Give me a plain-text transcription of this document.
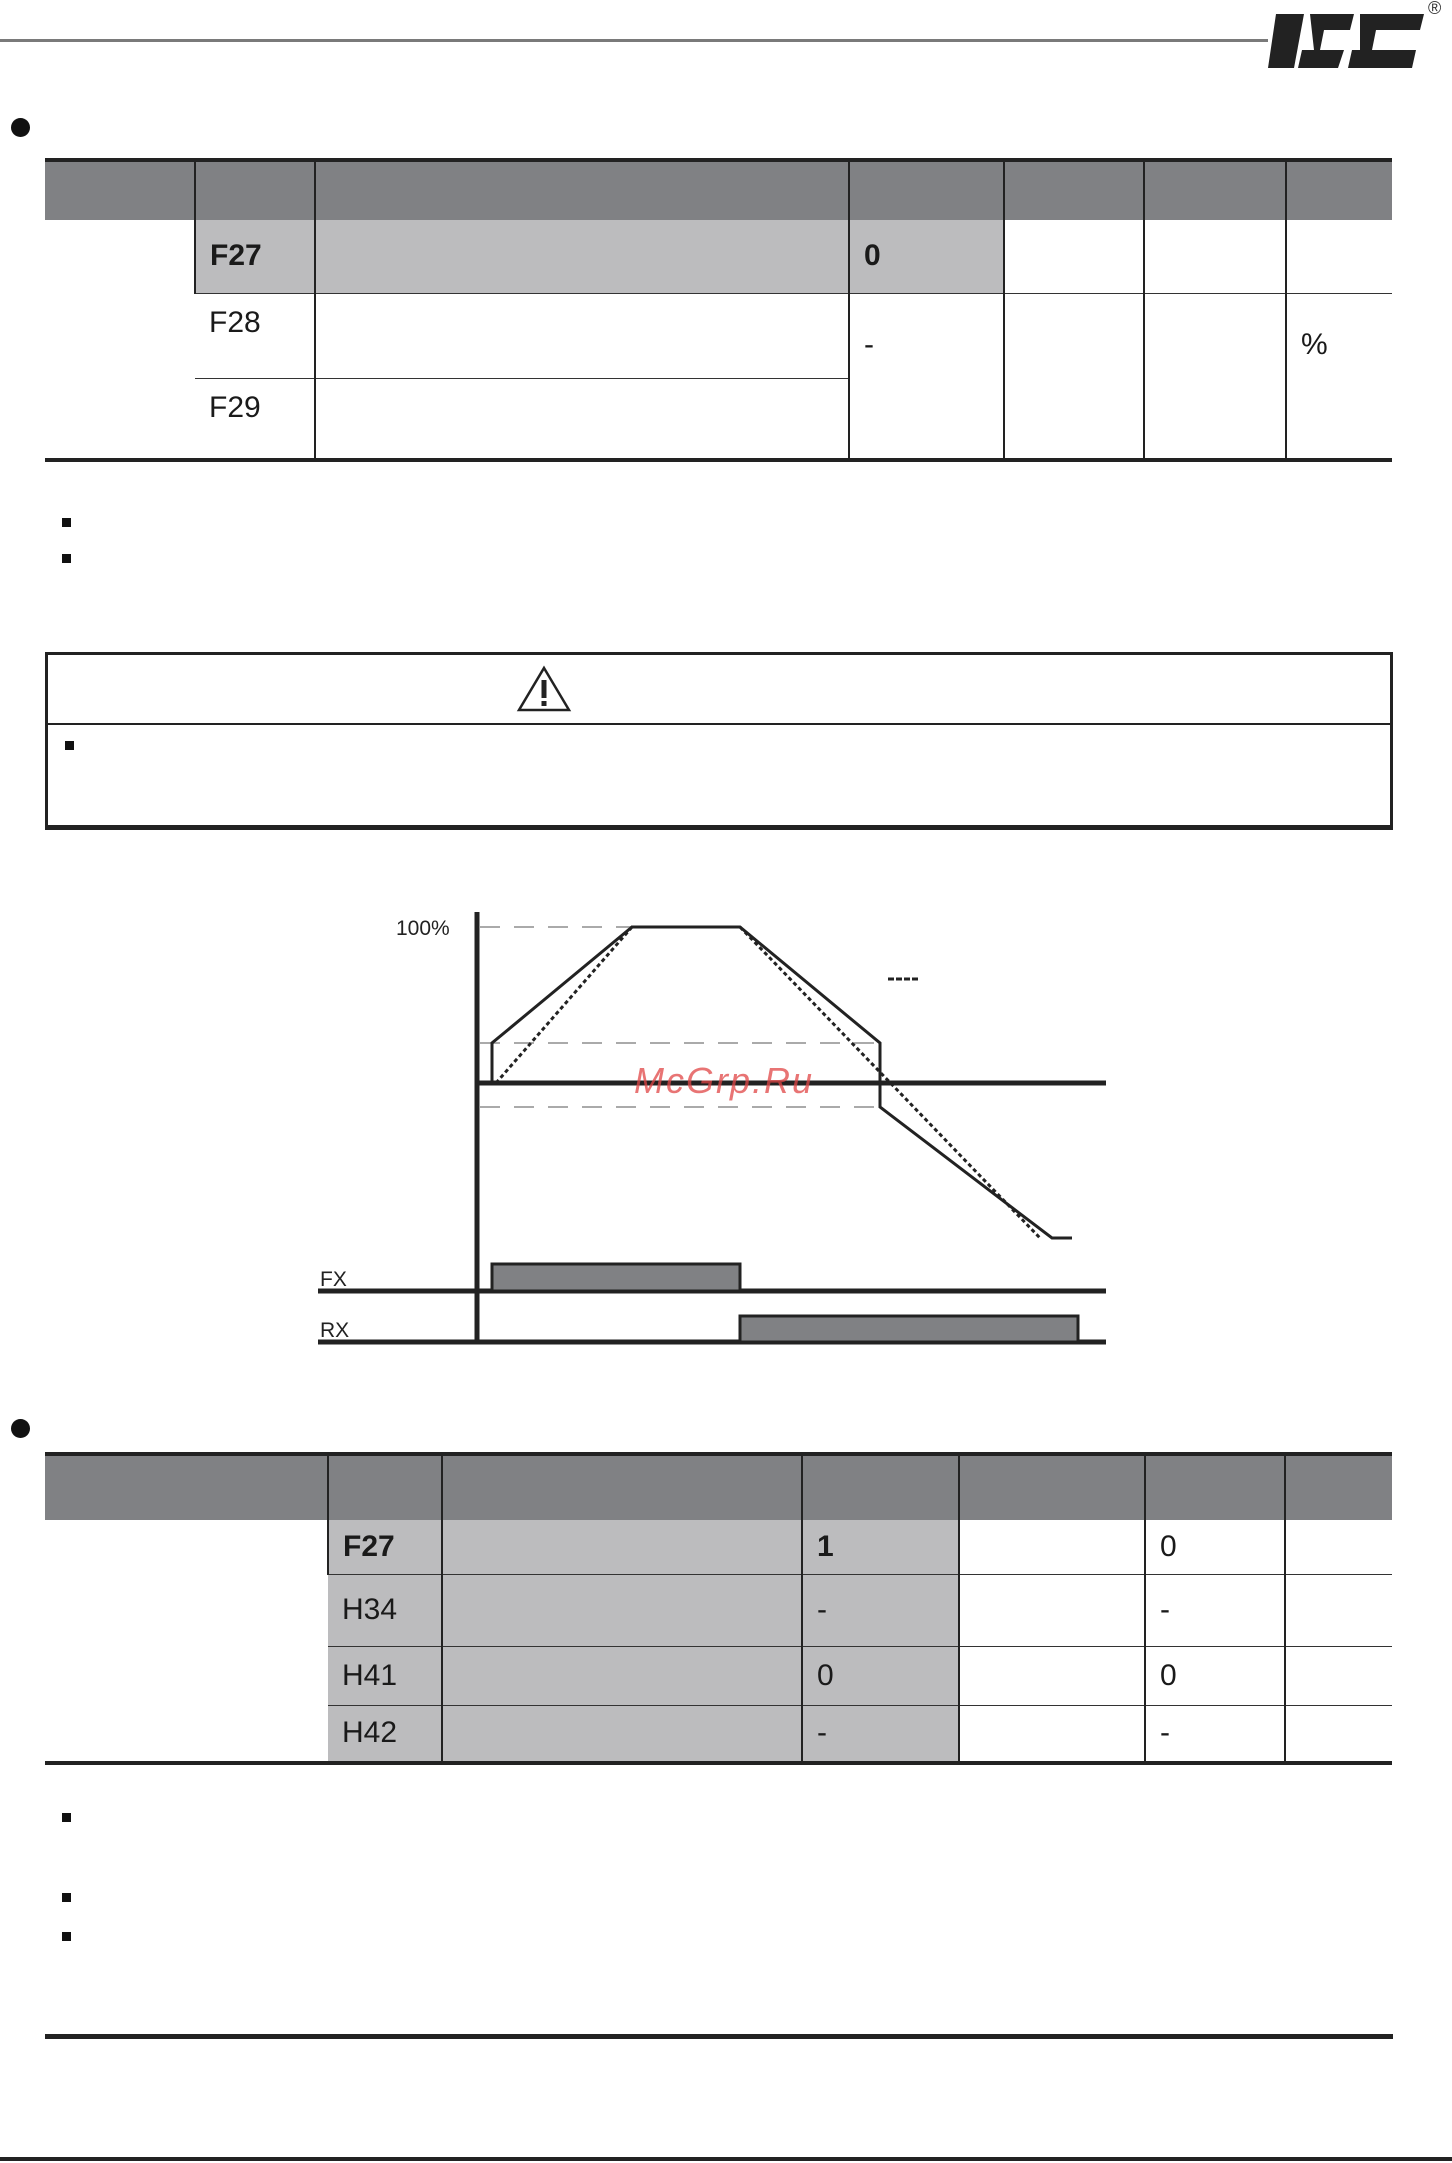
®

	F27		0			
	F28		-			%
	F29					
100%
McGrp.Ru
FX
RX

	F27		1		0	
	H34		-		-	
	H41		0		0	
	H42		-		-	
